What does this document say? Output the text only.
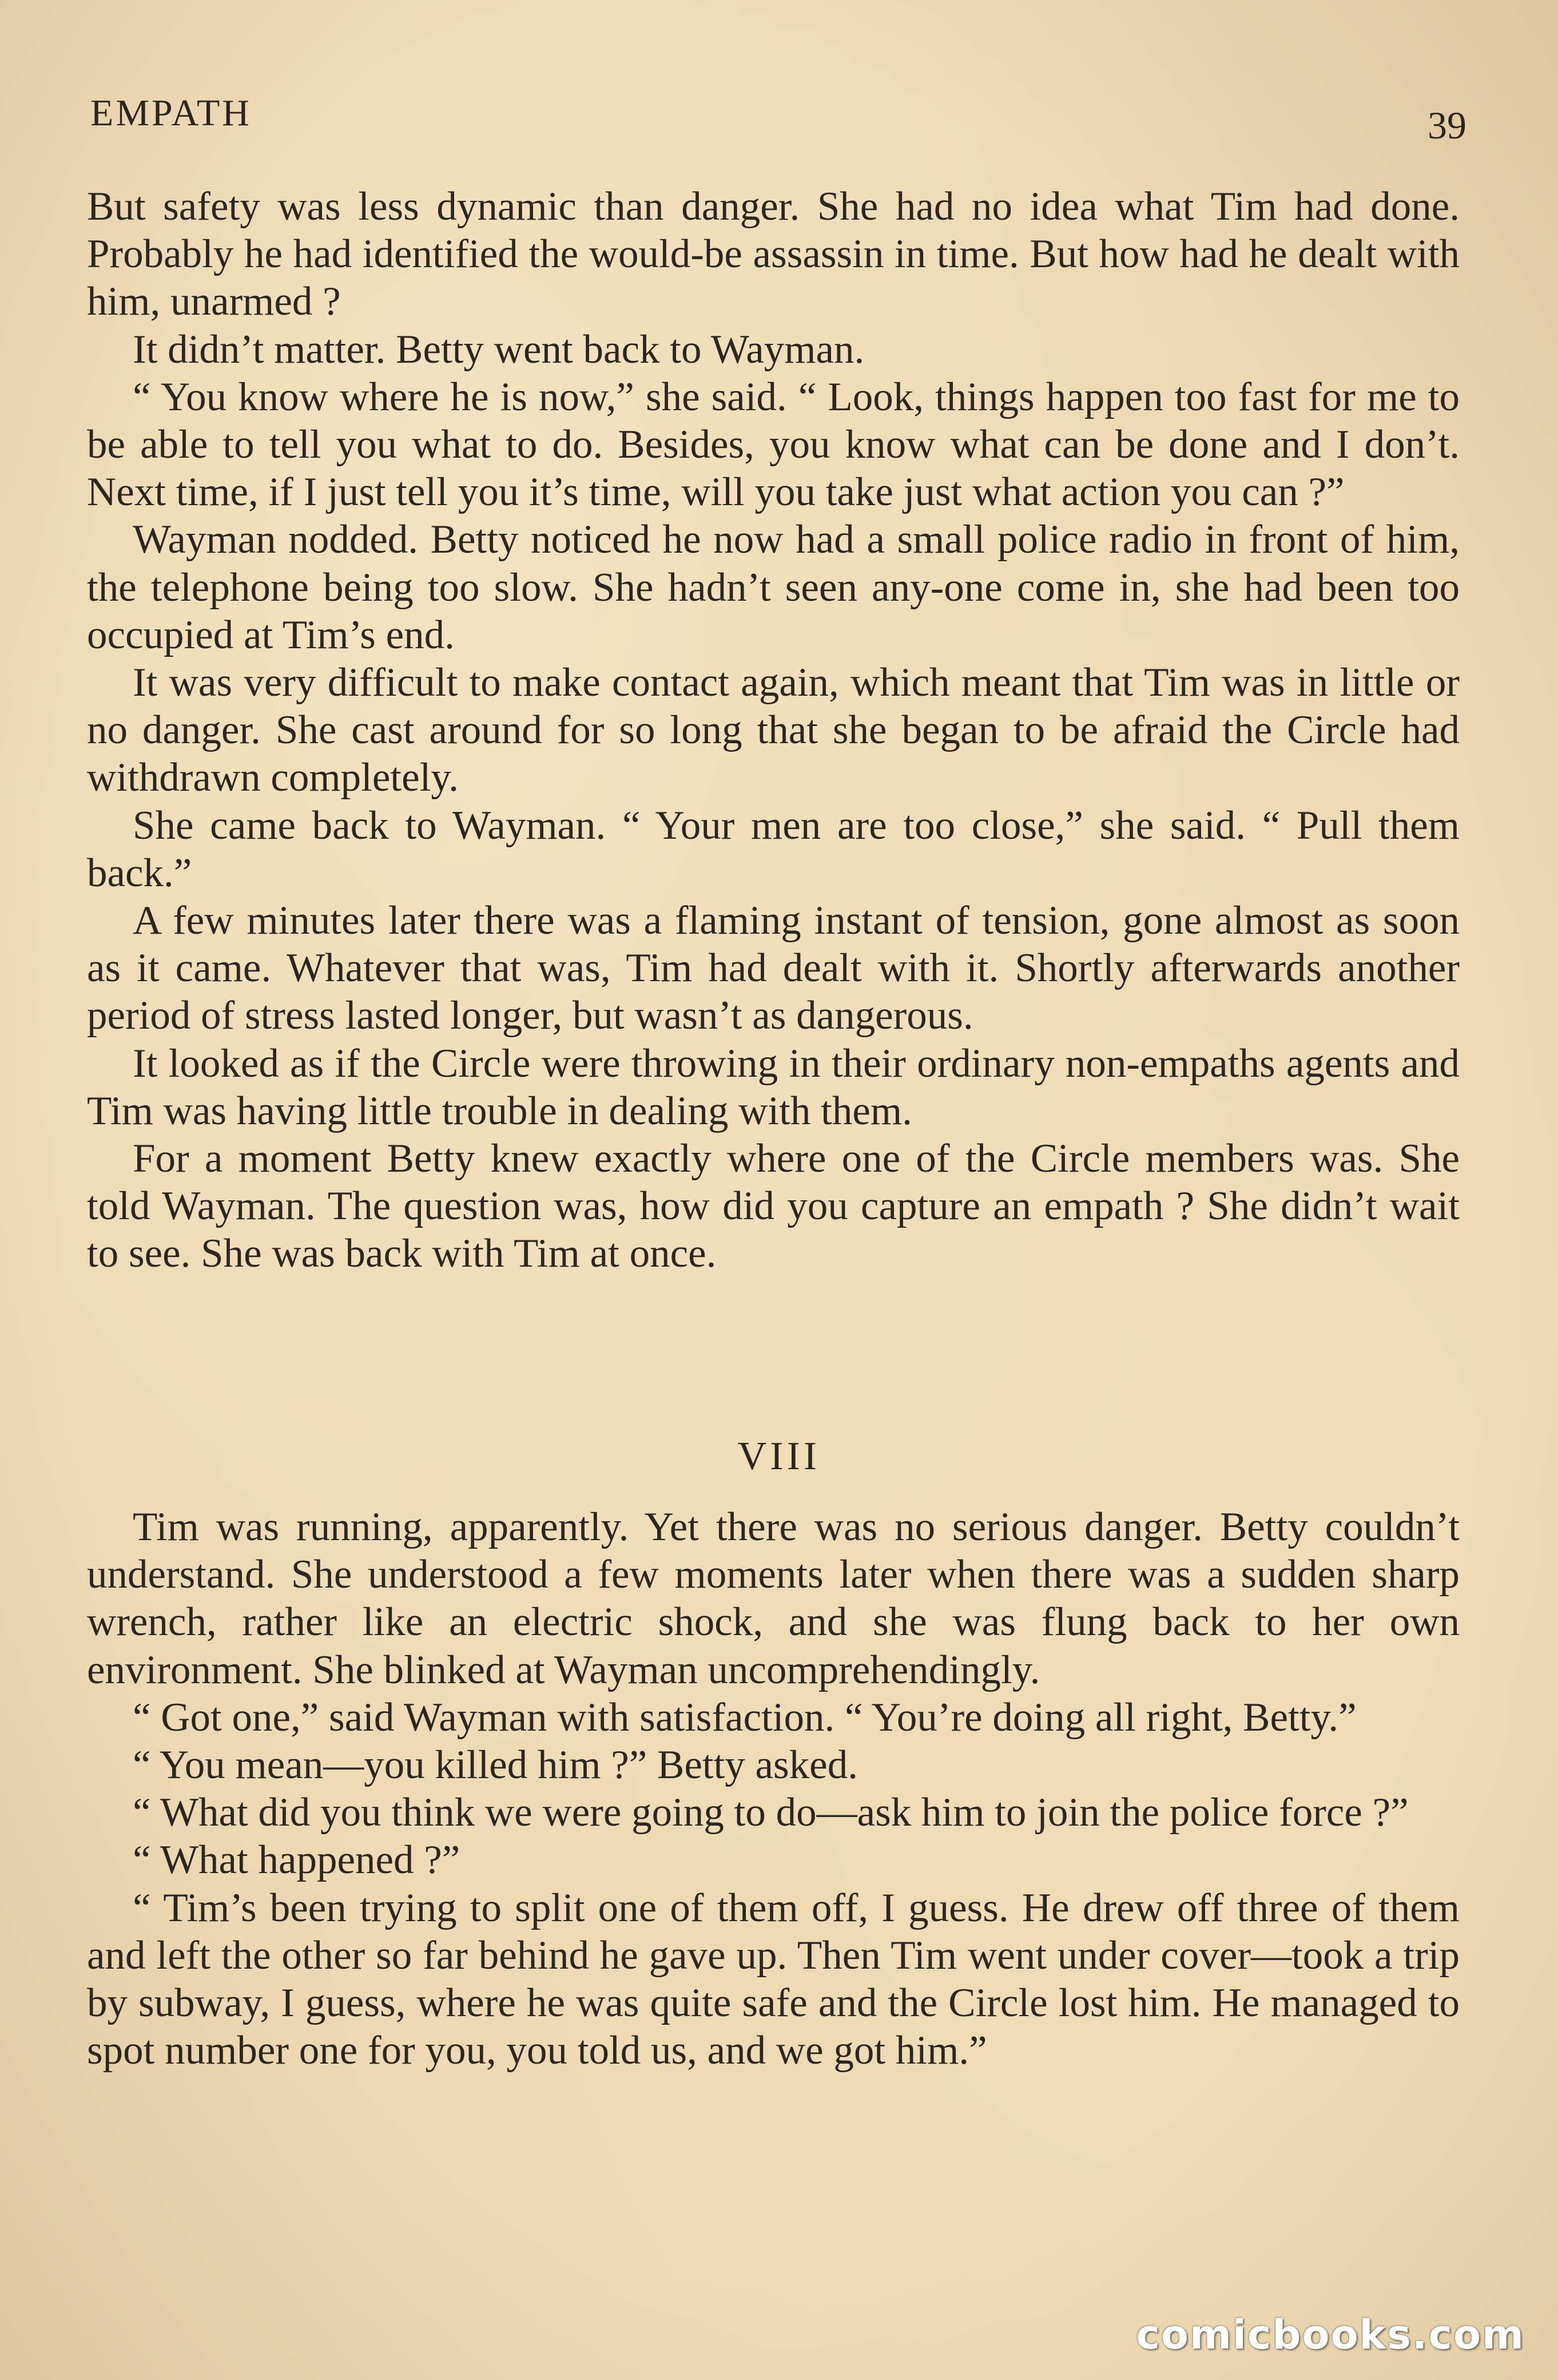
EMPATH	39

But safety was less dynamic than danger. She had no idea what Tim had done. Probably he had identified the would-be assassin in time. But how had he dealt with him, unarmed ?

It didn’t matter. Betty went back to Wayman.

“ You know where he is now,” she said. “ Look, things happen too fast for me to be able to tell you what to do. Besides, you know what can be done and I don’t. Next time, if I just tell you it’s time, will you take just what action you can ?”

Wayman nodded. Betty noticed he now had a small police radio in front of him, the telephone being too slow. She hadn’t seen any-one come in, she had been too occupied at Tim’s end.

It was very difficult to make contact again, which meant that Tim was in little or no danger. She cast around for so long that she began to be afraid the Circle had withdrawn completely.

She came back to Wayman. “ Your men are too close,” she said. “ Pull them back.”

A few minutes later there was a flaming instant of tension, gone almost as soon as it came. Whatever that was, Tim had dealt with it. Shortly afterwards another period of stress lasted longer, but wasn’t as dangerous.

It looked as if the Circle were throwing in their ordinary non-empaths agents and Tim was having little trouble in dealing with them.

For a moment Betty knew exactly where one of the Circle members was. She told Wayman. The question was, how did you capture an empath ? She didn’t wait to see. She was back with Tim at once.

VIII

Tim was running, apparently. Yet there was no serious danger. Betty couldn’t understand. She understood a few moments later when there was a sudden sharp wrench, rather like an electric shock, and she was flung back to her own environment. She blinked at Wayman uncomprehendingly.

“ Got one,” said Wayman with satisfaction. “ You’re doing all right, Betty.”

“ You mean—you killed him ?” Betty asked.

“ What did you think we were going to do—ask him to join the police force ?”

“ What happened ?”

“ Tim’s been trying to split one of them off, I guess. He drew off three of them and left the other so far behind he gave up. Then Tim went under cover—took a trip by subway, I guess, where he was quite safe and the Circle lost him. He managed to spot number one for you, you told us, and we got him.”

comicbooks.com
